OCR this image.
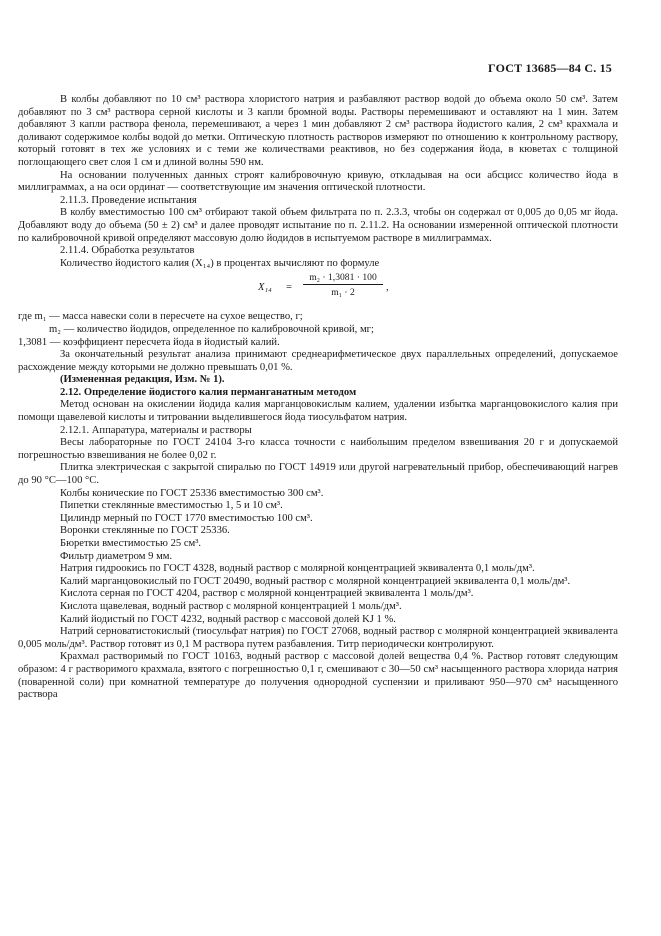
ГОСТ 13685—84 С. 15

В колбы добавляют по 10 см³ раствора хлористого натрия и разбавляют раствор водой до объема около 50 см³. Затем добавляют по 3 см³ раствора серной кислоты и 3 капли бромной воды. Растворы перемешивают и оставляют на 1 мин. Затем добавляют 3 капли раствора фенола, перемешивают, а через 1 мин добавляют 2 см³ раствора йодистого калия, 2 см³ крахмала и доливают содержимое колбы водой до метки. Оптическую плотность растворов измеряют по отношению к контрольному раствору, который готовят в тех же условиях и с теми же количествами реактивов, но без содержания йода, в кюветах с толщиной поглощающего свет слоя 1 см и длиной волны 590 нм.

На основании полученных данных строят калибровочную кривую, откладывая на оси абсцисс количество йода в миллиграммах, а на оси ординат — соответствующие им значения оптической плотности.

2.11.3. Проведение испытания

В колбу вместимостью 100 см³ отбирают такой объем фильтрата по п. 2.3.3, чтобы он содержал от 0,005 до 0,05 мг йода. Добавляют воду до объема (50 ± 2) см³ и далее проводят испытание по п. 2.11.2. На основании измеренной оптической плотности по калибровочной кривой определяют массовую долю йодидов в испытуемом растворе в миллиграммах.

2.11.4. Обработка результатов

Количество йодистого калия (X₁₄) в процентах вычисляют по формуле

X₁₄ =
m₂ · 1,3081 · 100
m₁ · 2	,

где m₁ — масса навески соли в пересчете на сухое вещество, г;

m₂ — количество йодидов, определенное по калибровочной кривой, мг;

1,3081 — коэффициент пересчета йода в йодистый калий.

За окончательный результат анализа принимают среднеарифметическое двух параллельных определений, допускаемое расхождение между которыми не должно превышать 0,01 %.

(Измененная редакция, Изм. № 1).

2.12. Определение йодистого калия перманганатным методом

Метод основан на окислении йодида калия марганцовокислым калием, удалении избытка марганцовокислого калия при помощи щавелевой кислоты и титровании выделившегося йода тиосульфатом натрия.

2.12.1. Аппаратура, материалы и растворы

Весы лабораторные по ГОСТ 24104 3-го класса точности с наибольшим пределом взвешивания 20 г и допускаемой погрешностью взвешивания не более 0,02 г.

Плитка электрическая с закрытой спиралью по ГОСТ 14919 или другой нагревательный прибор, обеспечивающий нагрев до 90 °С—100 °С.

Колбы конические по ГОСТ 25336 вместимостью 300 см³.

Пипетки стеклянные вместимостью 1, 5 и 10 см³.

Цилиндр мерный по ГОСТ 1770 вместимостью 100 см³.

Воронки стеклянные по ГОСТ 25336.

Бюретки вместимостью 25 см³.

Фильтр диаметром 9 мм.

Натрия гидроокись по ГОСТ 4328, водный раствор с молярной концентрацией эквивалента 0,1 моль/дм³.

Калий марганцовокислый по ГОСТ 20490, водный раствор с молярной концентрацией эквивалента 0,1 моль/дм³.

Кислота серная по ГОСТ 4204, раствор с молярной концентрацией эквивалента 1 моль/дм³.

Кислота щавелевая, водный раствор с молярной концентрацией 1 моль/дм³.

Калий йодистый по ГОСТ 4232, водный раствор с массовой долей KJ 1 %.

Натрий серноватистокислый (тиосульфат натрия) по ГОСТ 27068, водный раствор с молярной концентрацией эквивалента 0,005 моль/дм³. Раствор готовят из 0,1 М раствора путем разбавления. Титр периодически контролируют.

Крахмал растворимый по ГОСТ 10163, водный раствор с массовой долей вещества 0,4 %. Раствор готовят следующим образом: 4 г растворимого крахмала, взятого с погрешностью 0,1 г, смешивают с 30—50 см³ насыщенного раствора хлорида натрия (поваренной соли) при комнатной температуре до получения однородной суспензии и приливают 950—970 см³ насыщенного раствора
